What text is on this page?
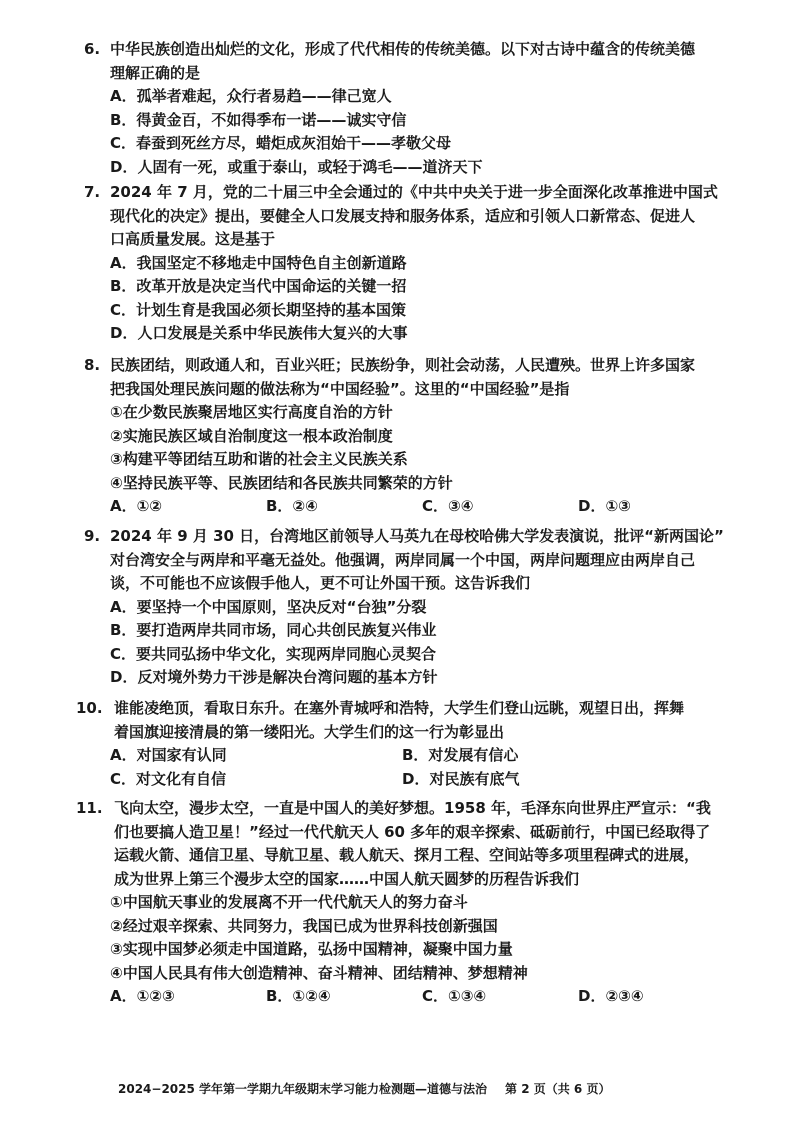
6. 中华民族创造出灿烂的文化，形成了代代相传的传统美德。以下对古诗中蕴含的传统美德
理解正确的是
A．孤举者难起，众行者易趋——律己宽人
B．得黄金百，不如得季布一诺——诚实守信
C．春蚕到死丝方尽，蜡炬成灰泪始干——孝敬父母
D．人固有一死，或重于泰山，或轻于鸿毛——道济天下
7. 2024 年 7 月，党的二十届三中全会通过的《中共中央关于进一步全面深化改革推进中国式
现代化的决定》提出，要健全人口发展支持和服务体系，适应和引领人口新常态、促进人
口高质量发展。这是基于
A．我国坚定不移地走中国特色自主创新道路
B．改革开放是决定当代中国命运的关键一招
C．计划生育是我国必须长期坚持的基本国策
D．人口发展是关系中华民族伟大复兴的大事
8. 民族团结，则政通人和，百业兴旺；民族纷争，则社会动荡，人民遭殃。世界上许多国家
把我国处理民族问题的做法称为“中国经验”。这里的“中国经验”是指
①在少数民族聚居地区实行高度自治的方针
②实施民族区域自治制度这一根本政治制度
③构建平等团结互助和谐的社会主义民族关系
④坚持民族平等、民族团结和各民族共同繁荣的方针
A．①②	B．②④	C．③④	D．①③
9. 2024 年 9 月 30 日，台湾地区前领导人马英九在母校哈佛大学发表演说，批评“新两国论”
对台湾安全与两岸和平毫无益处。他强调，两岸同属一个中国，两岸问题理应由两岸自己
谈，不可能也不应该假手他人，更不可让外国干预。这告诉我们
A．要坚持一个中国原则，坚决反对“台独”分裂
B．要打造两岸共同市场，同心共创民族复兴伟业
C．要共同弘扬中华文化，实现两岸同胞心灵契合
D．反对境外势力干涉是解决台湾问题的基本方针
10. 谁能凌绝顶，看取日东升。在塞外青城呼和浩特，大学生们登山远眺，观望日出，挥舞
着国旗迎接清晨的第一缕阳光。大学生们的这一行为彰显出
A．对国家有认同	B．对发展有信心
C．对文化有自信	D．对民族有底气
11. 飞向太空，漫步太空，一直是中国人的美好梦想。1958 年，毛泽东向世界庄严宣示：“我
们也要搞人造卫星！”经过一代代航天人 60 多年的艰辛探索、砥砺前行，中国已经取得了
运载火箭、通信卫星、导航卫星、载人航天、探月工程、空间站等多项里程碑式的进展，
成为世界上第三个漫步太空的国家……中国人航天圆梦的历程告诉我们
①中国航天事业的发展离不开一代代航天人的努力奋斗
②经过艰辛探索、共同努力，我国已成为世界科技创新强国
③实现中国梦必须走中国道路，弘扬中国精神，凝聚中国力量
④中国人民具有伟大创造精神、奋斗精神、团结精神、梦想精神
A．①②③	B．①②④	C．①③④	D．②③④
2024−2025 学年第一学期九年级期末学习能力检测题—道德与法治 第 2 页（共 6 页）
